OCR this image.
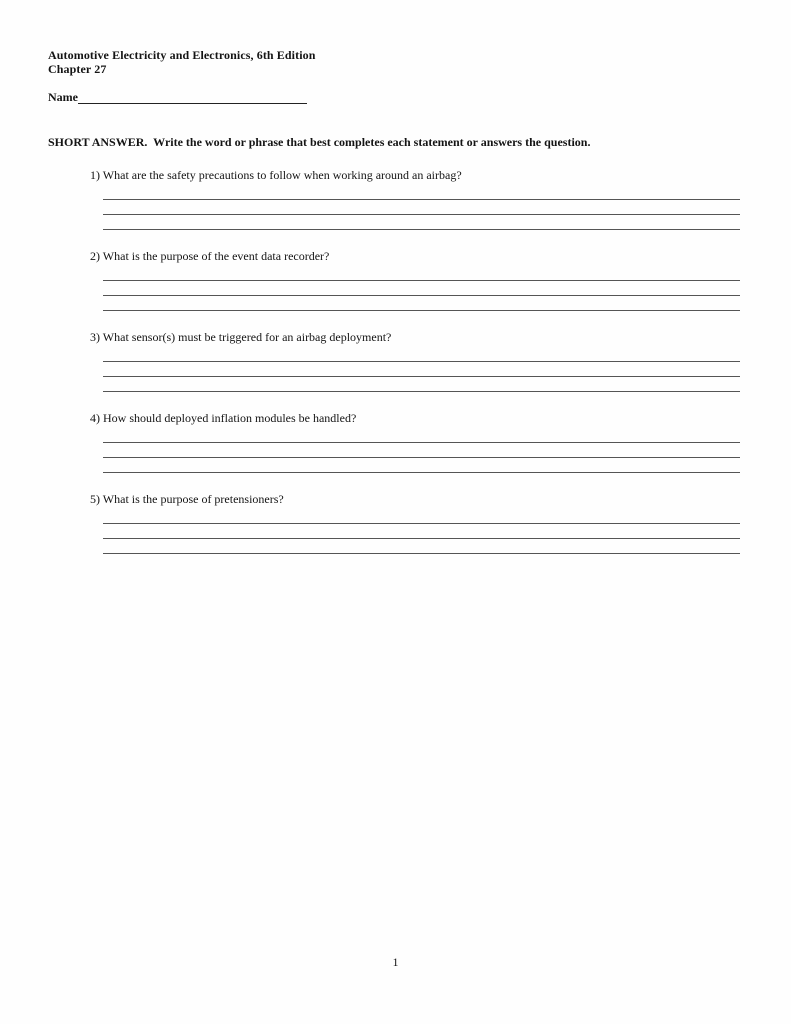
Automotive Electricity and Electronics, 6th Edition

Chapter 27

Name

SHORT ANSWER.  Write the word or phrase that best completes each statement or answers the question.

1) What are the safety precautions to follow when working around an airbag?

2) What is the purpose of the event data recorder?

3) What sensor(s) must be triggered for an airbag deployment?

4) How should deployed inflation modules be handled?

5) What is the purpose of pretensioners?

1
